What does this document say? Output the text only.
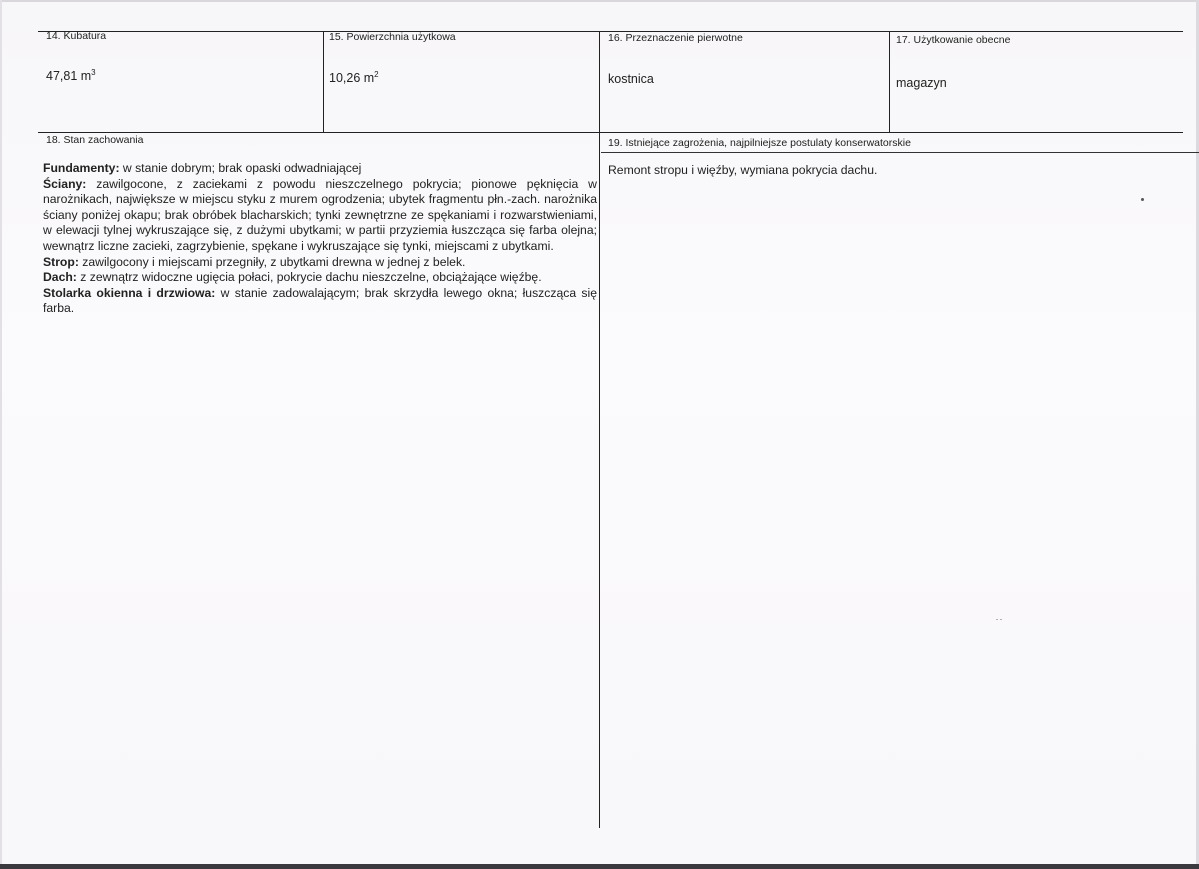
14. Kubatura
47,81 $m^3$
15. Powierzchnia użytkowa
10,26 $m^2$
16. Przeznaczenie pierwotne
kostnica
17. Użytkowanie obecne
magazyn
18. Stan zachowania

Fundamenty: w stanie dobrym; brak opaski odwadniającej

Ściany: zawilgocone, z zaciekami z powodu nieszczelnego pokrycia; pionowe pęknięcia w narożnikach, największe w miejscu styku z murem ogrodzenia; ubytek fragmentu płn.-zach. narożnika ściany poniżej okapu; brak obróbek blacharskich; tynki zewnętrzne ze spękaniami i rozwarstwieniami, w elewacji tylnej wykruszające się, z dużymi ubytkami; w partii przyziemia łuszcząca się farba olejna; wewnątrz liczne zacieki, zagrzybienie, spękane i wykruszające się tynki, miejscami z ubytkami.

Strop: zawilgocony i miejscami przegniły, z ubytkami drewna w jednej z belek.

Dach: z zewnątrz widoczne ugięcia połaci, pokrycie dachu nieszczelne, obciążające więźbę.

Stolarka okienna i drzwiowa: w stanie zadowalającym; brak skrzydła lewego okna; łuszcząca się farba.

19. Istniejące zagrożenia, najpilniejsze postulaty konserwatorskie
Remont stropu i więźby, wymiana pokrycia dachu.
